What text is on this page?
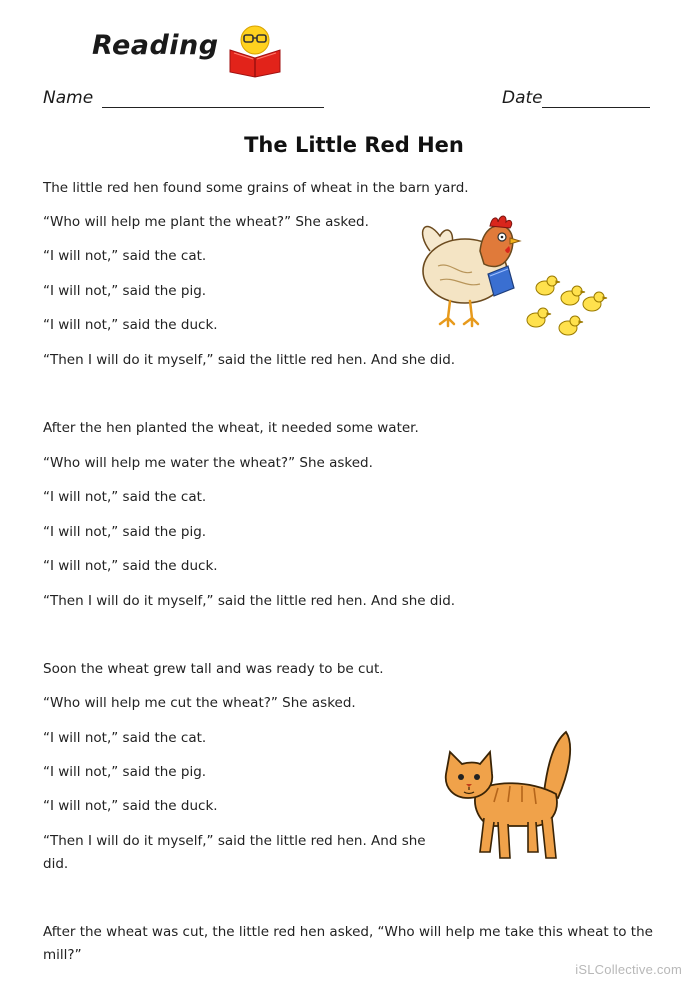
Reading
Name	Date
The Little Red Hen
The little red hen found some grains of wheat in the barn yard.
“Who will help me plant the wheat?” She asked.
“I will not,” said the cat.
“I will not,” said the pig.
“I will not,” said the duck.
“Then I will do it myself,” said the little red hen. And she did.
After the hen planted the wheat, it needed some water.
“Who will help me water the wheat?” She asked.
“I will not,” said the cat.
“I will not,” said the pig.
“I will not,” said the duck.
“Then I will do it myself,” said the little red hen. And she did.
Soon the wheat grew tall and was ready to be cut.
“Who will help me cut the wheat?” She asked.
“I will not,” said the cat.
“I will not,” said the pig.
“I will not,” said the duck.
“Then I will do it myself,” said the little red hen. And she
did.
After the wheat was cut, the little red hen asked, “Who will help me take this wheat to the
mill?”
iSLCollective.com
